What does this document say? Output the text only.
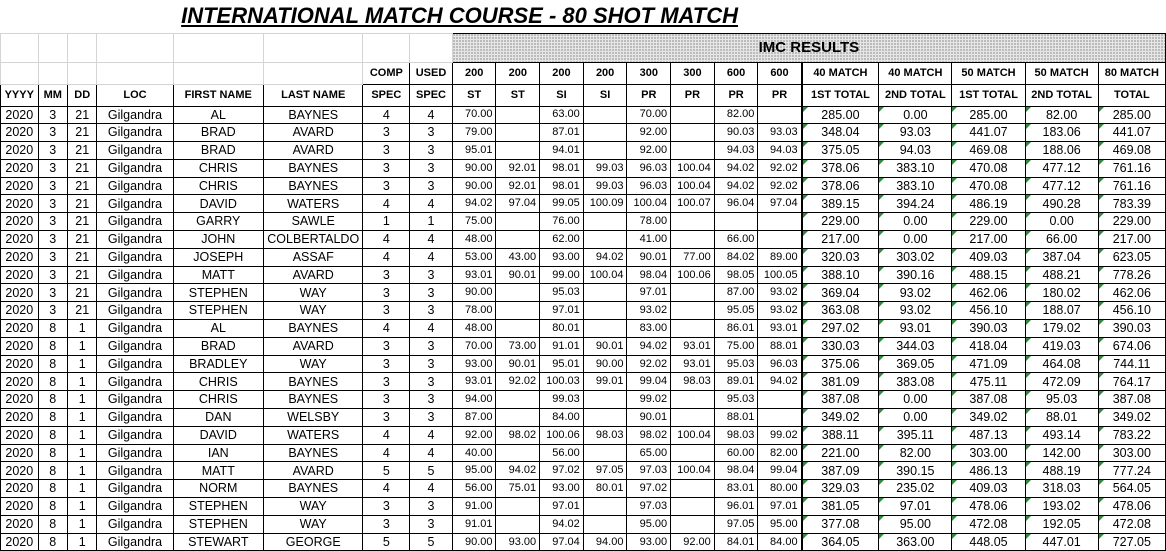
				INTERNATIONAL MATCH COURSE - 80 SHOT MATCH																
								IMC RESULTS												
						COMP	USED	200	200	200	200	300	300	600	600	40 MATCH	40 MATCH	50 MATCH	50 MATCH	80 MATCH
YYYY	MM	DD	LOC	FIRST NAME	LAST NAME	SPEC	SPEC	ST	ST	SI	SI	PR	PR	PR	PR	1ST TOTAL	2ND TOTAL	1ST TOTAL	2ND TOTAL	TOTAL
2020	3	21	Gilgandra	AL	BAYNES	4	4	70.00		63.00		70.00		82.00		285.00	0.00	285.00	82.00	285.00
2020	3	21	Gilgandra	BRAD	AVARD	3	3	79.00		87.01		92.00		90.03	93.03	348.04	93.03	441.07	183.06	441.07
2020	3	21	Gilgandra	BRAD	AVARD	3	3	95.01		94.01		92.00		94.03	94.03	375.05	94.03	469.08	188.06	469.08
2020	3	21	Gilgandra	CHRIS	BAYNES	3	3	90.00	92.01	98.01	99.03	96.03	100.04	94.02	92.02	378.06	383.10	470.08	477.12	761.16
2020	3	21	Gilgandra	CHRIS	BAYNES	3	3	90.00	92.01	98.01	99.03	96.03	100.04	94.02	92.02	378.06	383.10	470.08	477.12	761.16
2020	3	21	Gilgandra	DAVID	WATERS	4	4	94.02	97.04	99.05	100.09	100.04	100.07	96.04	97.04	389.15	394.24	486.19	490.28	783.39
2020	3	21	Gilgandra	GARRY	SAWLE	1	1	75.00		76.00		78.00				229.00	0.00	229.00	0.00	229.00
2020	3	21	Gilgandra	JOHN	COLBERTALDO	4	4	48.00		62.00		41.00		66.00		217.00	0.00	217.00	66.00	217.00
2020	3	21	Gilgandra	JOSEPH	ASSAF	4	4	53.00	43.00	93.00	94.02	90.01	77.00	84.02	89.00	320.03	303.02	409.03	387.04	623.05
2020	3	21	Gilgandra	MATT	AVARD	3	3	93.01	90.01	99.00	100.04	98.04	100.06	98.05	100.05	388.10	390.16	488.15	488.21	778.26
2020	3	21	Gilgandra	STEPHEN	WAY	3	3	90.00		95.03		97.01		87.00	93.02	369.04	93.02	462.06	180.02	462.06
2020	3	21	Gilgandra	STEPHEN	WAY	3	3	78.00		97.01		93.02		95.05	93.02	363.08	93.02	456.10	188.07	456.10
2020	8	1	Gilgandra	AL	BAYNES	4	4	48.00		80.01		83.00		86.01	93.01	297.02	93.01	390.03	179.02	390.03
2020	8	1	Gilgandra	BRAD	AVARD	3	3	70.00	73.00	91.01	90.01	94.02	93.01	75.00	88.01	330.03	344.03	418.04	419.03	674.06
2020	8	1	Gilgandra	BRADLEY	WAY	3	3	93.00	90.01	95.01	90.00	92.02	93.01	95.03	96.03	375.06	369.05	471.09	464.08	744.11
2020	8	1	Gilgandra	CHRIS	BAYNES	3	3	93.01	92.02	100.03	99.01	99.04	98.03	89.01	94.02	381.09	383.08	475.11	472.09	764.17
2020	8	1	Gilgandra	CHRIS	BAYNES	3	3	94.00		99.03		99.02		95.03		387.08	0.00	387.08	95.03	387.08
2020	8	1	Gilgandra	DAN	WELSBY	3	3	87.00		84.00		90.01		88.01		349.02	0.00	349.02	88.01	349.02
2020	8	1	Gilgandra	DAVID	WATERS	4	4	92.00	98.02	100.06	98.03	98.02	100.04	98.03	99.02	388.11	395.11	487.13	493.14	783.22
2020	8	1	Gilgandra	IAN	BAYNES	4	4	40.00		56.00		65.00		60.00	82.00	221.00	82.00	303.00	142.00	303.00
2020	8	1	Gilgandra	MATT	AVARD	5	5	95.00	94.02	97.02	97.05	97.03	100.04	98.04	99.04	387.09	390.15	486.13	488.19	777.24
2020	8	1	Gilgandra	NORM	BAYNES	4	4	56.00	75.01	93.00	80.01	97.02		83.01	80.00	329.03	235.02	409.03	318.03	564.05
2020	8	1	Gilgandra	STEPHEN	WAY	3	3	91.00		97.01		97.03		96.01	97.01	381.05	97.01	478.06	193.02	478.06
2020	8	1	Gilgandra	STEPHEN	WAY	3	3	91.01		94.02		95.00		97.05	95.00	377.08	95.00	472.08	192.05	472.08
2020	8	1	Gilgandra	STEWART	GEORGE	5	5	90.00	93.00	97.04	94.00	93.00	92.00	84.01	84.00	364.05	363.00	448.05	447.01	727.05
